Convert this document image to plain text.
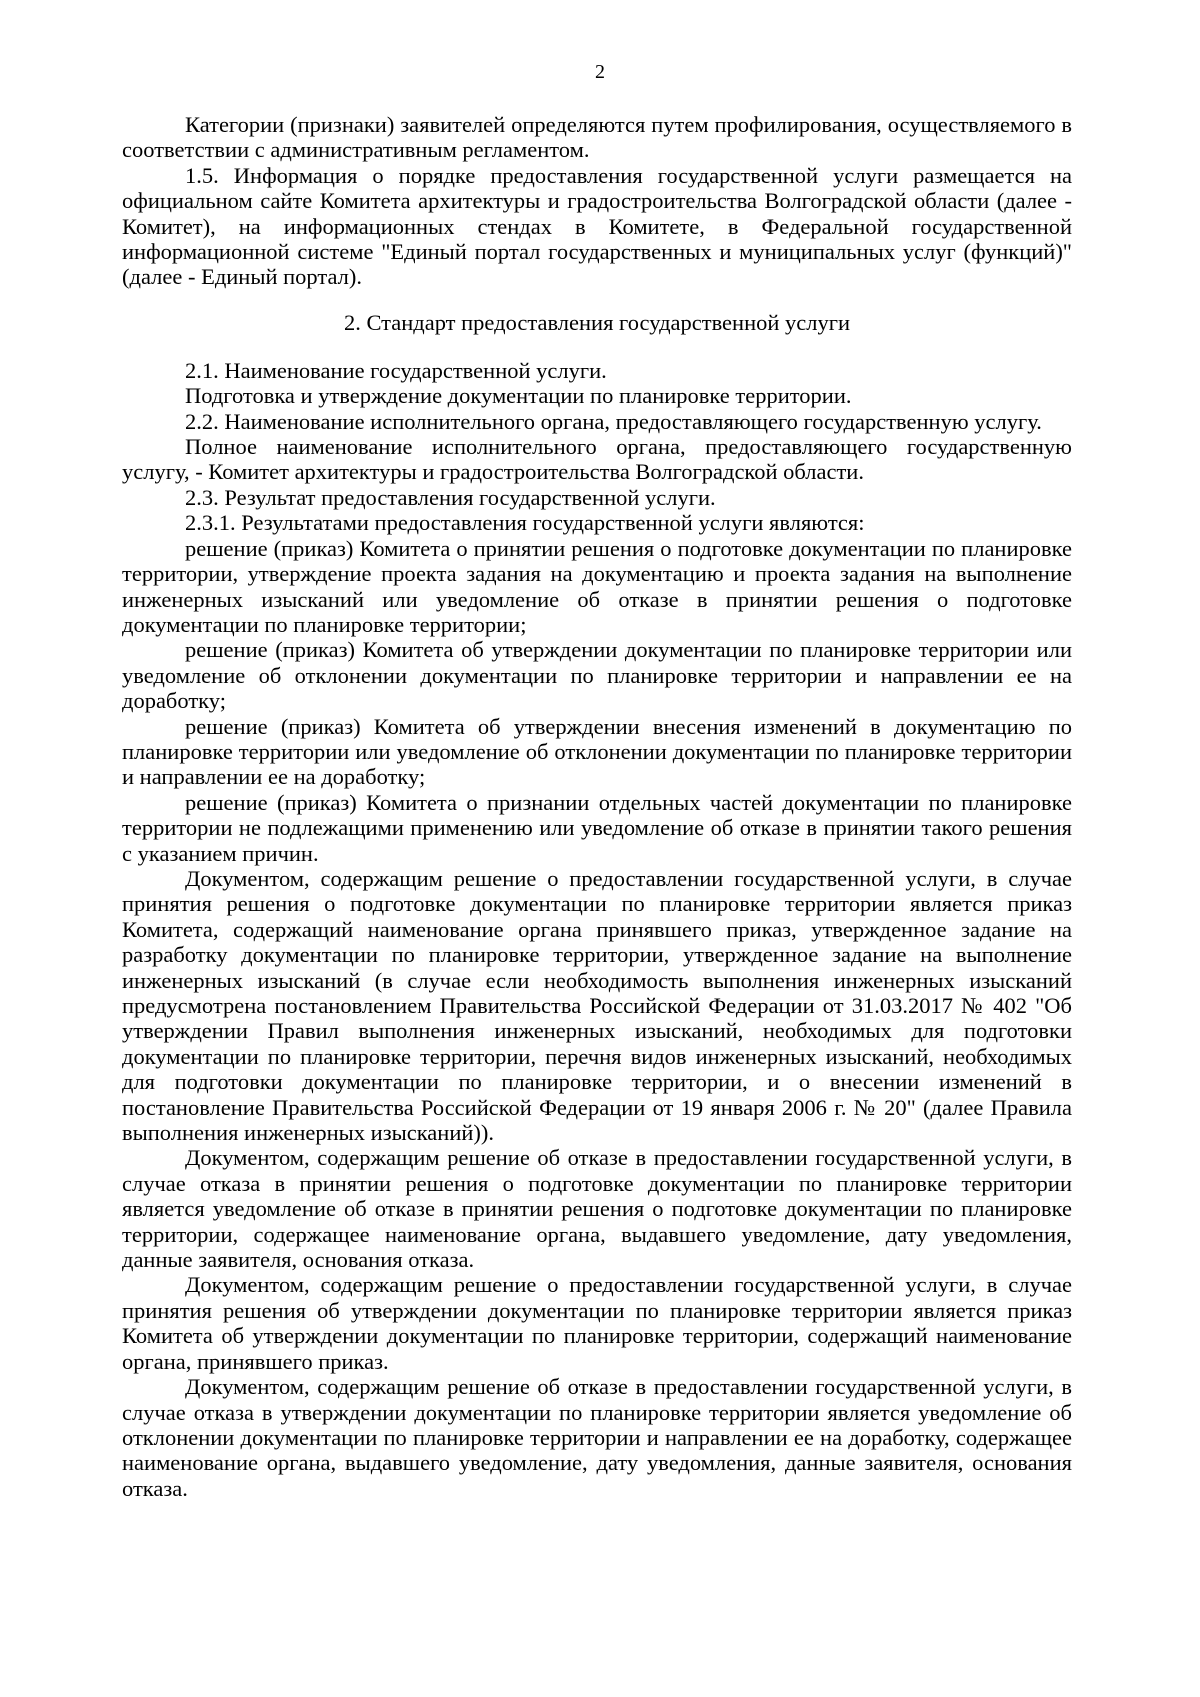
2

Категории (признаки) заявителей определяются путем профилирования, осуществляемого в соответствии с административным регламентом.

1.5. Информация о порядке предоставления государственной услуги размещается на официальном сайте Комитета архитектуры и градостроительства Волгоградской области (далее - Комитет), на информационных стендах в Комитете, в Федеральной государственной информационной системе "Единый портал государственных и муниципальных услуг (функций)" (далее - Единый портал).

2. Стандарт предоставления государственной услуги

2.1. Наименование государственной услуги.

Подготовка и утверждение документации по планировке территории.

2.2. Наименование исполнительного органа, предоставляющего государственную услугу.

Полное наименование исполнительного органа, предоставляющего государственную услугу, - Комитет архитектуры и градостроительства Волгоградской области.

2.3. Результат предоставления государственной услуги.

2.3.1. Результатами предоставления государственной услуги являются:

решение (приказ) Комитета о принятии решения о подготовке документации по планировке территории, утверждение проекта задания на документацию и проекта задания на выполнение инженерных изысканий или уведомление об отказе в принятии решения о подготовке документации по планировке территории;

решение (приказ) Комитета об утверждении документации по планировке территории или уведомление об отклонении документации по планировке территории и направлении ее на доработку;

решение (приказ) Комитета об утверждении внесения изменений в документацию по планировке территории или уведомление об отклонении документации по планировке территории и направлении ее на доработку;

решение (приказ) Комитета о признании отдельных частей документации по планировке территории не подлежащими применению или уведомление об отказе в принятии такого решения с указанием причин.

Документом, содержащим решение о предоставлении государственной услуги, в случае принятия решения о подготовке документации по планировке территории является приказ Комитета, содержащий наименование органа принявшего приказ, утвержденное задание на разработку документации по планировке территории, утвержденное задание на выполнение инженерных изысканий (в случае если необходимость выполнения инженерных изысканий предусмотрена постановлением Правительства Российской Федерации от 31.03.2017 № 402 "Об утверждении Правил выполнения инженерных изысканий, необходимых для подготовки документации по планировке территории, перечня видов инженерных изысканий, необходимых для подготовки документации по планировке территории, и о внесении изменений в постановление Правительства Российской Федерации от 19 января 2006 г. № 20" (далее Правила выполнения инженерных изысканий)).

Документом, содержащим решение об отказе в предоставлении государственной услуги, в случае отказа в принятии решения о подготовке документации по планировке территории является уведомление об отказе в принятии решения о подготовке документации по планировке территории, содержащее наименование органа, выдавшего уведомление, дату уведомления, данные заявителя, основания отказа.

Документом, содержащим решение о предоставлении государственной услуги, в случае принятия решения об утверждении документации по планировке территории является приказ Комитета об утверждении документации по планировке территории, содержащий наименование органа, принявшего приказ.

Документом, содержащим решение об отказе в предоставлении государственной услуги, в случае отказа в утверждении документации по планировке территории является уведомление об отклонении документации по планировке территории и направлении ее на доработку, содержащее наименование органа, выдавшего уведомление, дату уведомления, данные заявителя, основания отказа.
